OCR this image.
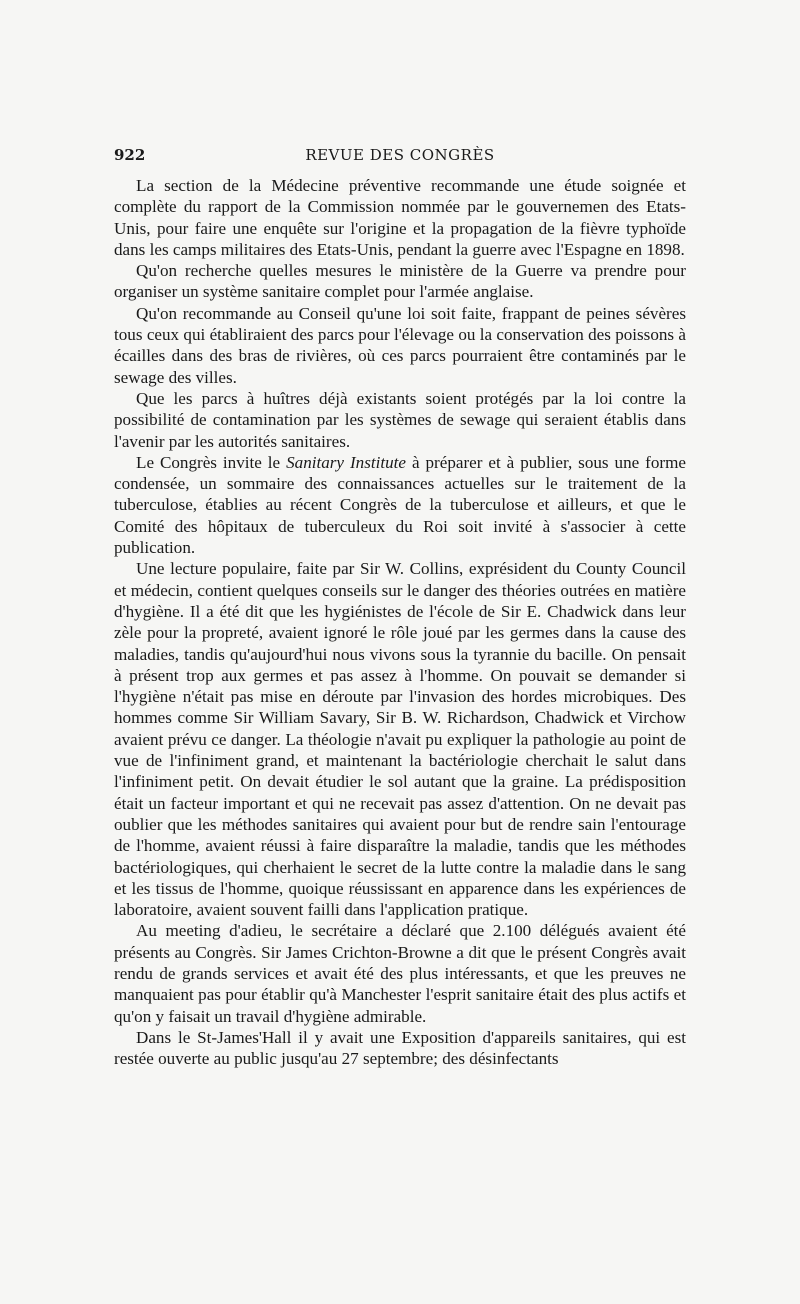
922	REVUE DES CONGRÈS

La section de la Médecine préventive recommande une étude soignée et complète du rapport de la Commission nommée par le gouvernemen des Etats-Unis, pour faire une enquête sur l'origine et la propagation de la fièvre typhoïde dans les camps militaires des Etats-Unis, pendant la guerre avec l'Espagne en 1898.

Qu'on recherche quelles mesures le ministère de la Guerre va prendre pour organiser un système sanitaire complet pour l'armée anglaise.

Qu'on recommande au Conseil qu'une loi soit faite, frappant de peines sévères tous ceux qui établiraient des parcs pour l'élevage ou la conservation des poissons à écailles dans des bras de rivières, où ces parcs pourraient être contaminés par le sewage des villes.

Que les parcs à huîtres déjà existants soient protégés par la loi contre la possibilité de contamination par les systèmes de sewage qui seraient établis dans l'avenir par les autorités sanitaires.

Le Congrès invite le Sanitary Institute à préparer et à publier, sous une forme condensée, un sommaire des connaissances actuelles sur le traitement de la tuberculose, établies au récent Congrès de la tuberculose et ailleurs, et que le Comité des hôpitaux de tuberculeux du Roi soit invité à s'associer à cette publication.

Une lecture populaire, faite par Sir W. Collins, exprésident du County Council et médecin, contient quelques conseils sur le danger des théories outrées en matière d'hygiène. Il a été dit que les hygiénistes de l'école de Sir E. Chadwick dans leur zèle pour la propreté, avaient ignoré le rôle joué par les germes dans la cause des maladies, tandis qu'aujourd'hui nous vivons sous la tyrannie du bacille. On pensait à présent trop aux germes et pas assez à l'homme. On pouvait se demander si l'hygiène n'était pas mise en déroute par l'invasion des hordes microbiques. Des hommes comme Sir William Savary, Sir B. W. Richardson, Chadwick et Virchow avaient prévu ce danger. La théologie n'avait pu expliquer la pathologie au point de vue de l'infiniment grand, et maintenant la bactériologie cherchait le salut dans l'infiniment petit. On devait étudier le sol autant que la graine. La prédisposition était un facteur important et qui ne recevait pas assez d'attention. On ne devait pas oublier que les méthodes sanitaires qui avaient pour but de rendre sain l'entourage de l'homme, avaient réussi à faire disparaître la maladie, tandis que les méthodes bactériologiques, qui cherhaient le secret de la lutte contre la maladie dans le sang et les tissus de l'homme, quoique réussissant en apparence dans les expériences de laboratoire, avaient souvent failli dans l'application pratique.

Au meeting d'adieu, le secrétaire a déclaré que 2.100 délégués avaient été présents au Congrès. Sir James Crichton-Browne a dit que le présent Congrès avait rendu de grands services et avait été des plus intéressants, et que les preuves ne manquaient pas pour établir qu'à Manchester l'esprit sanitaire était des plus actifs et qu'on y faisait un travail d'hygiène admirable.

Dans le St-James'Hall il y avait une Exposition d'appareils sanitaires, qui est restée ouverte au public jusqu'au 27 septembre; des désinfectants
